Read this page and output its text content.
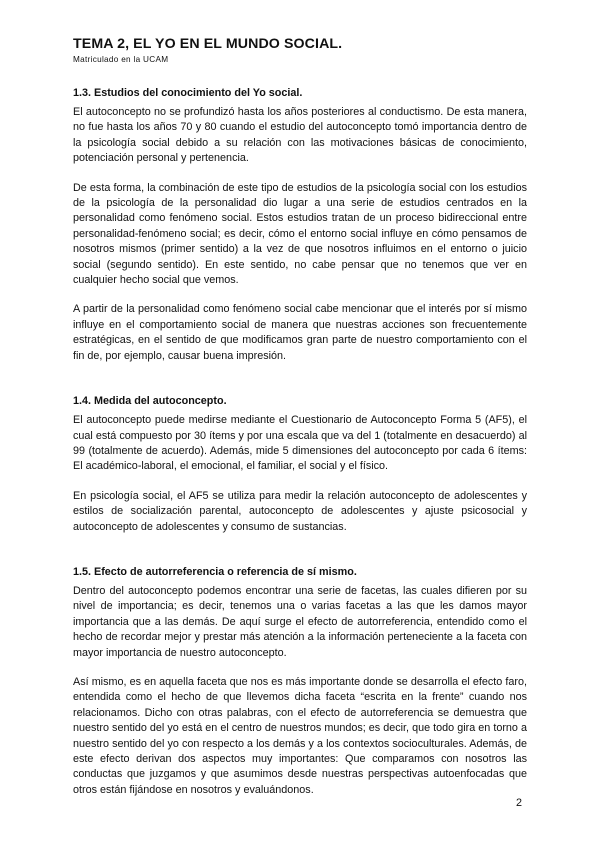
TEMA 2, EL YO EN EL MUNDO SOCIAL.
Matriculado en la UCAM
1.3. Estudios del conocimiento del Yo social.

El autoconcepto no se profundizó hasta los años posteriores al conductismo. De esta manera, no fue hasta los años 70 y 80 cuando el estudio del autoconcepto tomó importancia dentro de la psicología social debido a su relación con las motivaciones básicas de conocimiento, potenciación personal y pertenencia.

De esta forma, la combinación de este tipo de estudios de la psicología social con los estudios de la psicología de la personalidad dio lugar a una serie de estudios centrados en la personalidad como fenómeno social. Estos estudios tratan de un proceso bidireccional entre personalidad-fenómeno social; es decir, cómo el entorno social influye en cómo pensamos de nosotros mismos (primer sentido) a la vez de que nosotros influimos en el entorno o juicio social (segundo sentido). En este sentido, no cabe pensar que no tenemos que ver en cualquier hecho social que vemos.

A partir de la personalidad como fenómeno social cabe mencionar que el interés por sí mismo influye en el comportamiento social de manera que nuestras acciones son frecuentemente estratégicas, en el sentido de que modificamos gran parte de nuestro comportamiento con el fin de, por ejemplo, causar buena impresión.

1.4. Medida del autoconcepto.

El autoconcepto puede medirse mediante el Cuestionario de Autoconcepto Forma 5 (AF5), el cual está compuesto por 30 ítems y por una escala que va del 1 (totalmente en desacuerdo) al 99 (totalmente de acuerdo). Además, mide 5 dimensiones del autoconcepto por cada 6 ítems: El académico-laboral, el emocional, el familiar, el social y el físico.

En psicología social, el AF5 se utiliza para medir la relación autoconcepto de adolescentes y estilos de socialización parental, autoconcepto de adolescentes y ajuste psicosocial y autoconcepto de adolescentes y consumo de sustancias.

1.5. Efecto de autorreferencia o referencia de sí mismo.

Dentro del autoconcepto podemos encontrar una serie de facetas, las cuales difieren por su nivel de importancia; es decir, tenemos una o varias facetas a las que les damos mayor importancia que a las demás. De aquí surge el efecto de autorreferencia, entendido como el hecho de recordar mejor y prestar más atención a la información perteneciente a la faceta con mayor importancia de nuestro autoconcepto.

Así mismo, es en aquella faceta que nos es más importante donde se desarrolla el efecto faro, entendida como el hecho de que llevemos dicha faceta “escrita en la frente” cuando nos relacionamos. Dicho con otras palabras, con el efecto de autorreferencia se demuestra que nuestro sentido del yo está en el centro de nuestros mundos; es decir, que todo gira en torno a nuestro sentido del yo con respecto a los demás y a los contextos socioculturales. Además, de este efecto derivan dos aspectos muy importantes: Que comparamos con nosotros las conductas que juzgamos y que asumimos desde nuestras perspectivas autoenfocadas que otros están fijándose en nosotros y evaluándonos.

2
